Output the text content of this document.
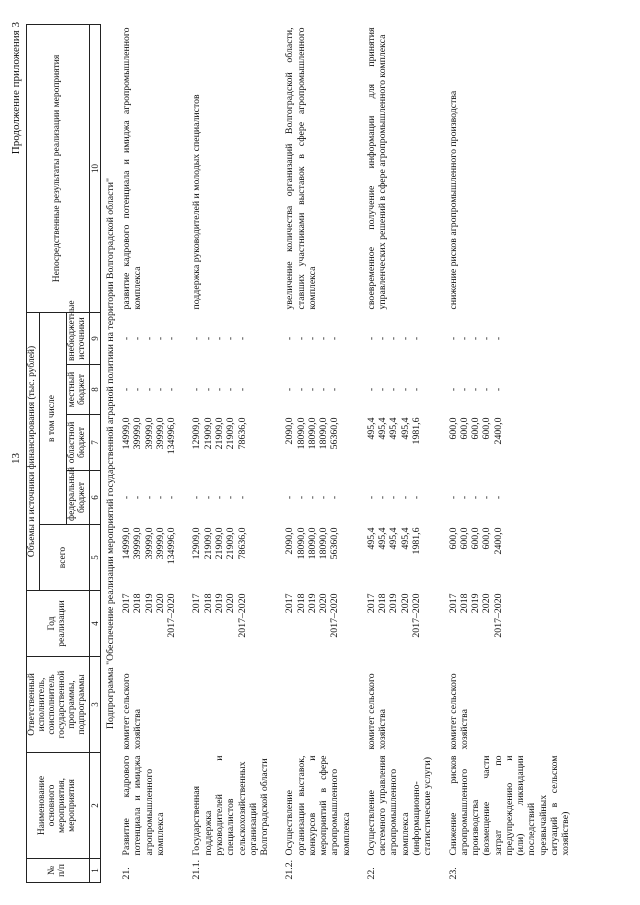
13
Продолжение приложения 3
№ п/п	Наименование основного мероприятия, мероприятия	Ответственный исполнитель, соисполнитель государственной программы, подпрограммы	Год реализации	Объемы и источники финансирования (тыс. рублей)					Непосредственные результаты реализации мероприятия
				всего	в том числе				
					федеральный бюджет	областной бюджет	местный бюджет	внебюджетные источники	
1	2	3	4	5	6	7	8	9	10
Подпрограмма "Обеспечение реализации мероприятий государственной аграрной политики на территории Волгоградской области"									
21.	Развитие кадрового потенциала и имиджа агропромышленного комплекса	комитет сельского хозяйства	2017 2018 2019 2020 2017–2020	14999,0 39999,0 39999,0 39999,0 134996,0	- - - - -	14999,0 39999,0 39999,0 39999,0 134996,0	- - - - -	- - - - -	развитие кадрового потенциала и имиджа агропромышленного комплекса

21.1.	Государственная поддержка руководителей и специалистов сельскохозяйственных организаций Волгоградской области		2017 2018 2019 2020 2017–2020	12909,0 21909,0 21909,0 21909,0 78636,0	- - - - -	12909,0 21909,0 21909,0 21909,0 78636,0	- - - - -	- - - - -	поддержка руководителей и молодых специалистов

21.2.	Осуществление организации выставок, конкурсов и мероприятий в сфере агропромышленного комплекса		2017 2018 2019 2020 2017–2020	2090,0 18090,0 18090,0 18090,0 56360,0	- - - - -	2090,0 18090,0 18090,0 18090,0 56360,0	- - - - -	- - - - -	увеличение количества организаций Волгоградской области, ставших участниками выставок в сфере агропромышленного комплекса

22.	Осуществление системного управления агропромышленного комплекса (информационно-статистические услуги)	комитет сельского хозяйства	2017 2018 2019 2020 2017–2020	495,4 495,4 495,4 495,4 1981,6	- - - - -	495,4 495,4 495,4 495,4 1981,6	- - - - -	- - - - -	своевременное получение информации для принятия управленческих решений в сфере агропромышленного комплекса

23.	Снижение рисков агропромышленного производства (возмещение части затрат по предупреждению и (или) ликвидации последствий чрезвычайных ситуаций в сельском хозяйстве)	комитет сельского хозяйства	2017 2018 2019 2020 2017–2020	600,0 600,0 600,0 600,0 2400,0	- - - - -	600,0 600,0 600,0 600,0 2400,0	- - - - -	- - - - -	снижение рисков агропромышленного производства
